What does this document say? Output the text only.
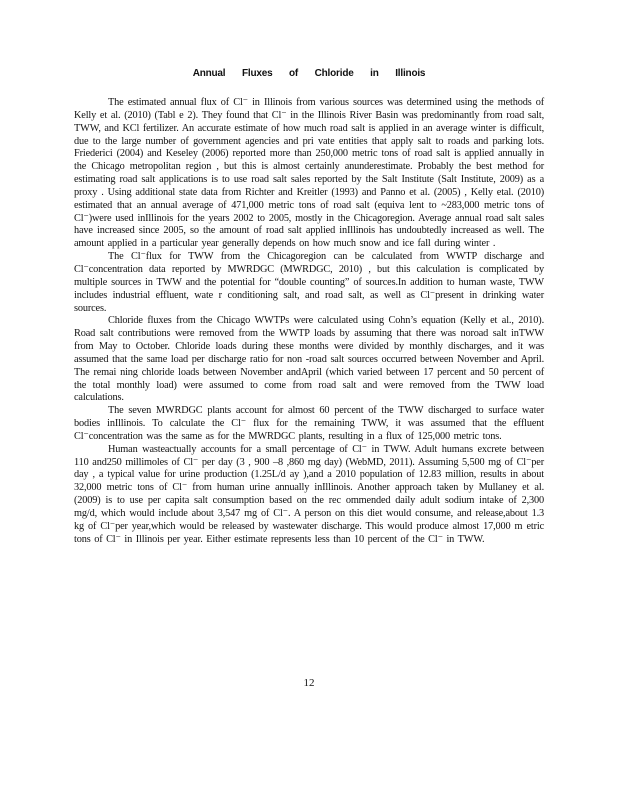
Annual Fluxes of Chloride in Illinois

The estimated annual flux of Cl⁻ in Illinois from various sources was determined using the methods of Kelly et al. (2010) (Tabl e 2). They found that Cl⁻ in the Illinois River Basin was predominantly from road salt, TWW, and KCl fertilizer. An accurate estimate of how much road salt is applied in an average winter is difficult, due to the large number of government agencies and pri vate entities that apply salt to roads and parking lots. Friederici (2004) and Keseley (2006) reported more than 250,000 metric tons of road salt is applied annually in the Chicago metropolitan region , but this is almost certainly anunderestimate. Probably the best method for estimating road salt applications is to use road salt sales reported by the Salt Institute (Salt Institute, 2009) as a proxy . Using additional state data from Richter and Kreitler (1993) and Panno et al. (2005) , Kelly etal. (2010) estimated that an annual average of 471,000 metric tons of road salt (equiva lent to ~283,000 metric tons of Cl⁻)were used inIllinois for the years 2002 to 2005, mostly in the Chicagoregion. Average annual road salt sales have increased since 2005, so the amount of road salt applied inIllinois has undoubtedly increased as well. The amount applied in a particular year generally depends on how much snow and ice fall during winter .

The Cl⁻flux for TWW from the Chicagoregion can be calculated from WWTP discharge and Cl⁻concentration data reported by MWRDGC (MWRDGC, 2010) , but this calculation is complicated by multiple sources in TWW and the potential for “double counting” of sources.In addition to human waste, TWW includes industrial effluent, wate r conditioning salt, and road salt, as well as Cl⁻present in drinking water sources.

Chloride fluxes from the Chicago WWTPs were calculated using Cohn’s equation (Kelly et al., 2010). Road salt contributions were removed from the WWTP loads by assuming that there was noroad salt inTWW from May to October. Chloride loads during these months were divided by monthly discharges, and it was assumed that the same load per discharge ratio for non -road salt sources occurred between November and April. The remai ning chloride loads between November andApril (which varied between 17 percent and 50 percent of the total monthly load) were assumed to come from road salt and were removed from the TWW load calculations.

The seven MWRDGC plants account for almost 60 percent of the TWW discharged to surface water bodies inIllinois. To calculate the Cl⁻ flux for the remaining TWW, it was assumed that the effluent Cl⁻concentration was the same as for the MWRDGC plants, resulting in a flux of 125,000 metric tons.

Human wasteactually accounts for a small percentage of Cl⁻ in TWW. Adult humans excrete between 110 and250 millimoles of Cl⁻ per day (3 , 900 –8 ,860 mg day) (WebMD, 2011). Assuming 5,500 mg of Cl⁻per day , a typical value for urine production (1.25L/d ay ),and a 2010 population of 12.83 million, results in about 32,000 metric tons of Cl⁻ from human urine annually inIllinois. Another approach taken by Mullaney et al. (2009) is to use per capita salt consumption based on the rec ommended daily adult sodium intake of 2,300 mg/d, which would include about 3,547 mg of Cl⁻. A person on this diet would consume, and release,about 1.3 kg of Cl⁻per year,which would be released by wastewater discharge. This would produce almost 17,000 m etric tons of Cl⁻ in Illinois per year. Either estimate represents less than 10 percent of the Cl⁻ in TWW.

12
